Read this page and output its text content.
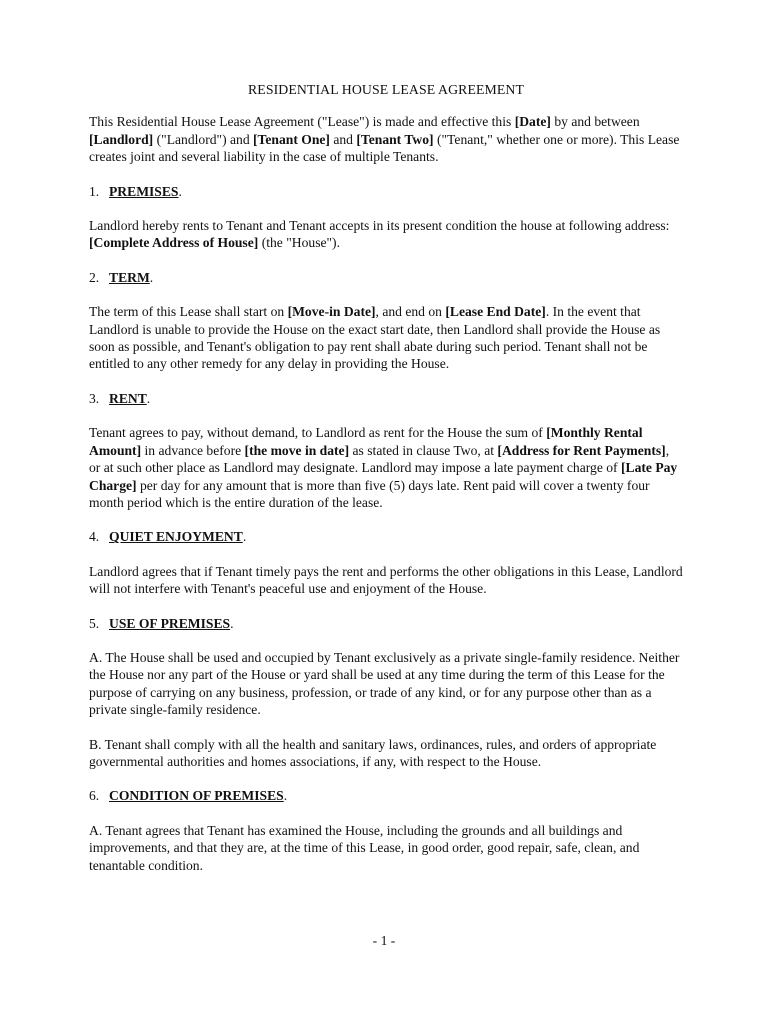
RESIDENTIAL HOUSE LEASE AGREEMENT

This Residential House Lease Agreement ("Lease") is made and effective this [Date] by and between [Landlord] ("Landlord") and [Tenant One] and [Tenant Two] ("Tenant," whether one or more). This Lease creates joint and several liability in the case of multiple Tenants.

1. PREMISES.

Landlord hereby rents to Tenant and Tenant accepts in its present condition the house at following address: [Complete Address of House] (the "House").

2. TERM.

The term of this Lease shall start on [Move-in Date], and end on [Lease End Date]. In the event that Landlord is unable to provide the House on the exact start date, then Landlord shall provide the House as soon as possible, and Tenant's obligation to pay rent shall abate during such period. Tenant shall not be entitled to any other remedy for any delay in providing the House.

3. RENT.

Tenant agrees to pay, without demand, to Landlord as rent for the House the sum of [Monthly Rental Amount] in advance before [the move in date] as stated in clause Two, at [Address for Rent Payments], or at such other place as Landlord may designate. Landlord may impose a late payment charge of [Late Pay Charge] per day for any amount that is more than five (5) days late. Rent paid will cover a twenty four month period which is the entire duration of the lease.

4. QUIET ENJOYMENT.

Landlord agrees that if Tenant timely pays the rent and performs the other obligations in this Lease, Landlord will not interfere with Tenant's peaceful use and enjoyment of the House.

5. USE OF PREMISES.

A. The House shall be used and occupied by Tenant exclusively as a private single-family residence. Neither the House nor any part of the House or yard shall be used at any time during the term of this Lease for the purpose of carrying on any business, profession, or trade of any kind, or for any purpose other than as a private single-family residence.

B. Tenant shall comply with all the health and sanitary laws, ordinances, rules, and orders of appropriate governmental authorities and homes associations, if any, with respect to the House.

6. CONDITION OF PREMISES.

A. Tenant agrees that Tenant has examined the House, including the grounds and all buildings and improvements, and that they are, at the time of this Lease, in good order, good repair, safe, clean, and tenantable condition.

- 1 -
